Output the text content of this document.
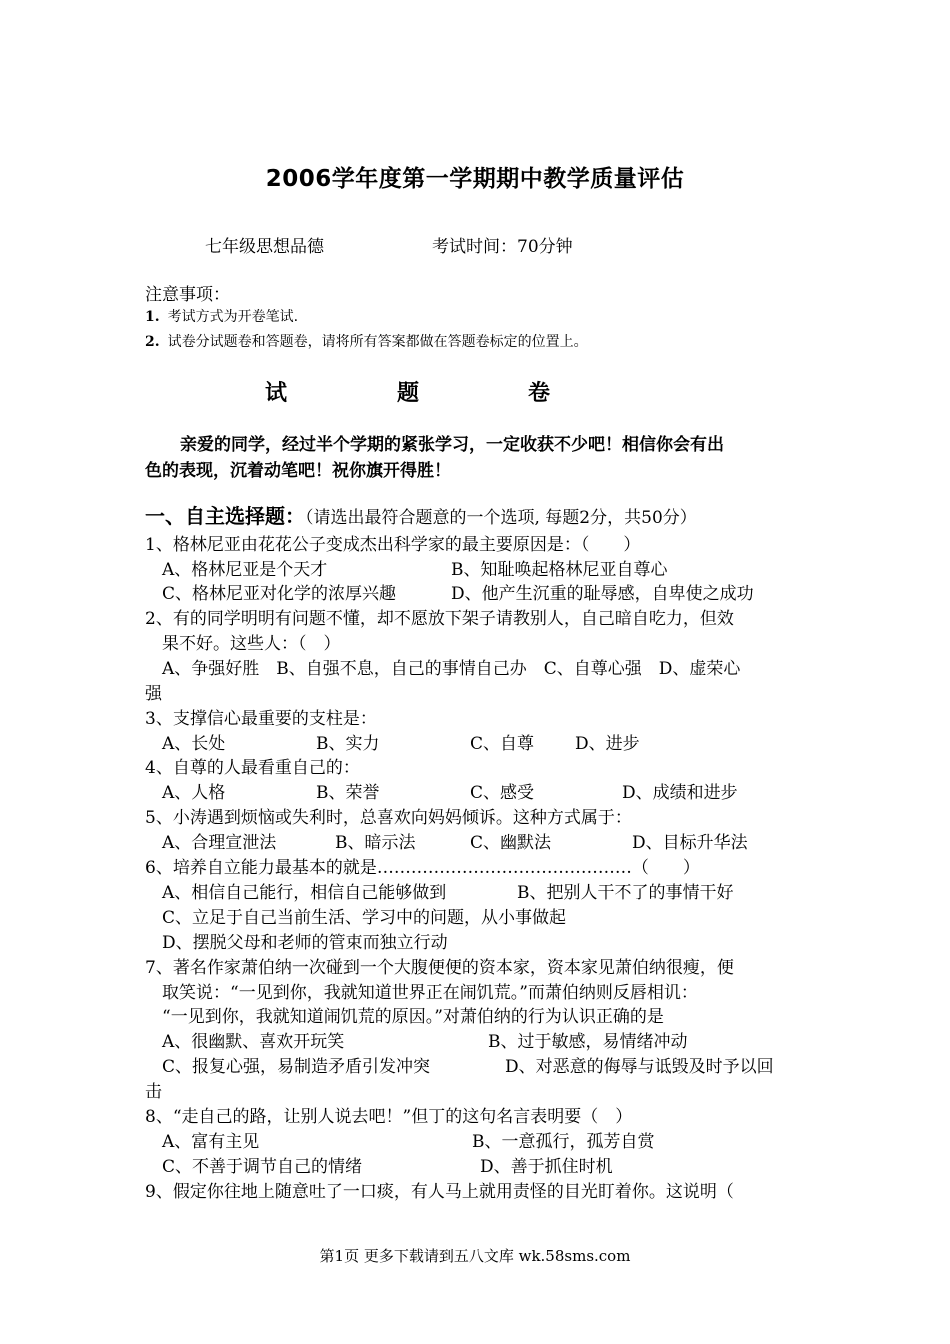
2006学年度第一学期期中教学质量评估
七年级思想品德	考试时间：70分钟
注意事项：
1. 考试方式为开卷笔试.
2. 试卷分试题卷和答题卷，请将所有答案都做在答题卷标定的位置上。
试	题	卷
亲爱的同学，经过半个学期的紧张学习，一定收获不少吧！相信你会有出
色的表现，沉着动笔吧！祝你旗开得胜！
一、自主选择题：（请选出最符合题意的一个选项, 每题2分，共50分）
1、格林尼亚由花花公子变成杰出科学家的最主要原因是：（　　）
A、格林尼亚是个天才	B、知耻唤起格林尼亚自尊心
C、格林尼亚对化学的浓厚兴趣	D、他产生沉重的耻辱感，自卑使之成功
2、有的同学明明有问题不懂，却不愿放下架子请教别人，自己暗自吃力，但效
果不好。这些人：（　）
A、争强好胜　B、自强不息，自己的事情自己办　C、自尊心强　D、虚荣心
强
3、支撑信心最重要的支柱是：
A、长处	B、实力	C、自尊 D、进步
4、自尊的人最看重自己的：
A、人格	B、荣誉	C、感受	D、成绩和进步
5、小涛遇到烦恼或失利时，总喜欢向妈妈倾诉。这种方式属于：
A、合理宣泄法	B、暗示法	C、幽默法	D、目标升华法
6、培养自立能力最基本的就是………………………………………（　　）
A、相信自己能行，相信自己能够做到	B、把别人干不了的事情干好
C、立足于自己当前生活、学习中的问题，从小事做起
D、摆脱父母和老师的管束而独立行动
7、著名作家萧伯纳一次碰到一个大腹便便的资本家，资本家见萧伯纳很瘦，便
取笑说：“一见到你，我就知道世界正在闹饥荒。”而萧伯纳则反唇相讥：
“一见到你，我就知道闹饥荒的原因。”对萧伯纳的行为认识正确的是
A、很幽默、喜欢开玩笑	B、过于敏感，易情绪冲动
C、报复心强，易制造矛盾引发冲突	D、对恶意的侮辱与诋毁及时予以回
击
8、“走自己的路，让别人说去吧！”但丁的这句名言表明要（　）
A、富有主见	B、一意孤行，孤芳自赏
C、不善于调节自己的情绪	D、善于抓住时机
9、假定你往地上随意吐了一口痰，有人马上就用责怪的目光盯着你。这说明（
第1页 更多下载请到五八文库 wk.58sms.com
